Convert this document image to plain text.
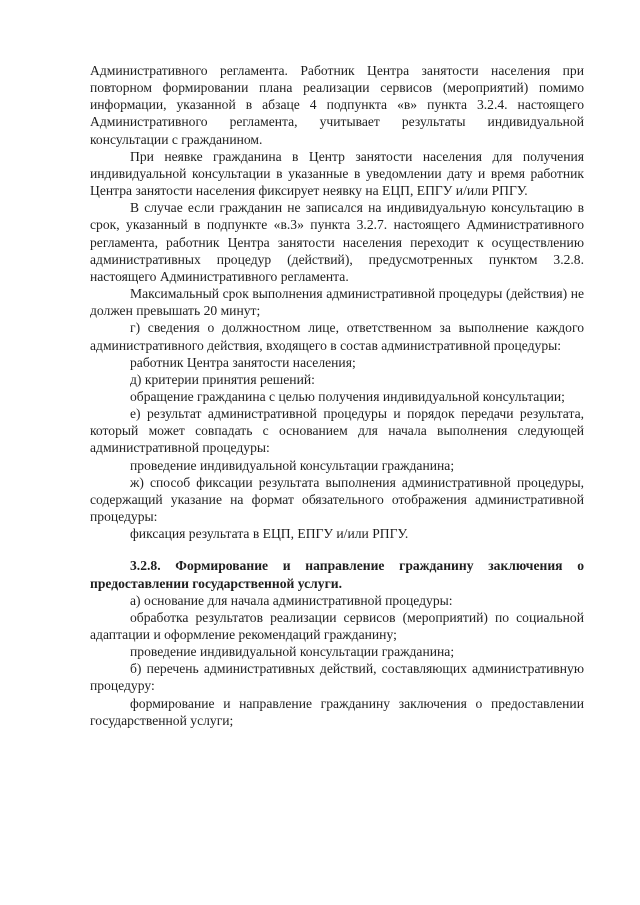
Административного регламента. Работник Центра занятости населения при повторном формировании плана реализации сервисов (мероприятий) помимо информации, указанной в абзаце 4 подпункта «в» пункта 3.2.4. настоящего Административного регламента, учитывает результаты индивидуальной консультации с гражданином.

При неявке гражданина в Центр занятости населения для получения индивидуальной консультации в указанные в уведомлении дату и время работник Центра занятости населения фиксирует неявку на ЕЦП, ЕПГУ и/или РПГУ.

В случае если гражданин не записался на индивидуальную консультацию в срок, указанный в подпункте «в.3» пункта 3.2.7. настоящего Административного регламента, работник Центра занятости населения переходит к осуществлению административных процедур (действий), предусмотренных пунктом 3.2.8. настоящего Административного регламента.

Максимальный срок выполнения административной процедуры (действия) не должен превышать 20 минут;

г) сведения о должностном лице, ответственном за выполнение каждого административного действия, входящего в состав административной процедуры:

работник Центра занятости населения;

д) критерии принятия решений:

обращение гражданина с целью получения индивидуальной консультации;

е) результат административной процедуры и порядок передачи результата, который может совпадать с основанием для начала выполнения следующей административной процедуры:

проведение индивидуальной консультации гражданина;

ж) способ фиксации результата выполнения административной процедуры, содержащий указание на формат обязательного отображения административной процедуры:

фиксация результата в ЕЦП, ЕПГУ и/или РПГУ.

3.2.8. Формирование и направление гражданину заключения о предоставлении государственной услуги.

а) основание для начала административной процедуры:

обработка результатов реализации сервисов (мероприятий) по социальной адаптации и оформление рекомендаций гражданину;

проведение индивидуальной консультации гражданина;

б) перечень административных действий, составляющих административную процедуру:

формирование и направление гражданину заключения о предоставлении государственной услуги;
